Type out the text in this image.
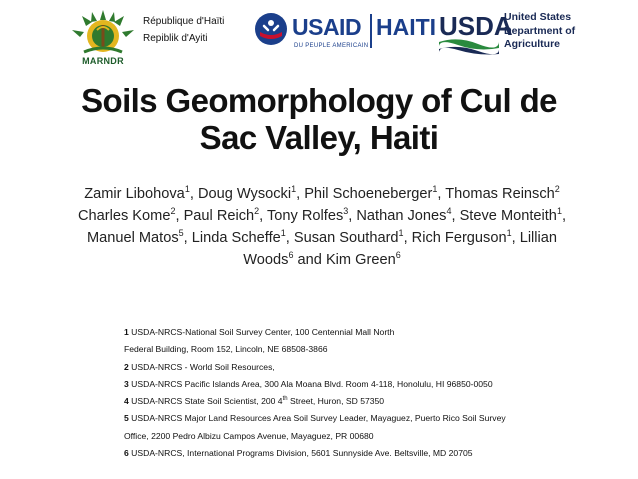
MARNDR
République d'Haïti
Repiblik d'Ayiti	USAID
DU PEUPLE AMERICAIN
HAITI USDA
United States
Department of
Agriculture
Soils Geomorphology of Cul de
Sac Valley, Haiti
Zamir Libohova$^1$, Doug Wysocki$^1$, Phil Schoeneberger$^1$, Thomas Reinsch$^2$ Charles Kome$^2$, Paul Reich$^2$, Tony Rolfes$^3$, Nathan Jones$^4$, Steve Monteith$^1$, Manuel Matos$^5$, Linda Scheffe$^1$, Susan Southard$^1$, Rich Ferguson$^1$, Lillian Woods$^6$ and Kim Green$^6$
1 USDA-NRCS-National Soil Survey Center, 100 Centennial Mall North
Federal Building, Room 152, Lincoln, NE 68508-3866
2 USDA-NRCS - World Soil Resources,
3 USDA-NRCS Pacific Islands Area, 300 Ala Moana Blvd. Room 4-118, Honolulu, HI 96850-0050
4 USDA-NRCS State Soil Scientist, 200 4th Street, Huron, SD 57350
5 USDA-NRCS Major Land Resources Area Soil Survey Leader, Mayaguez, Puerto Rico Soil Survey
Office, 2200 Pedro Albizu Campos Avenue, Mayaguez, PR 00680
6 USDA-NRCS, International Programs Division, 5601 Sunnyside Ave. Beltsville, MD 20705
